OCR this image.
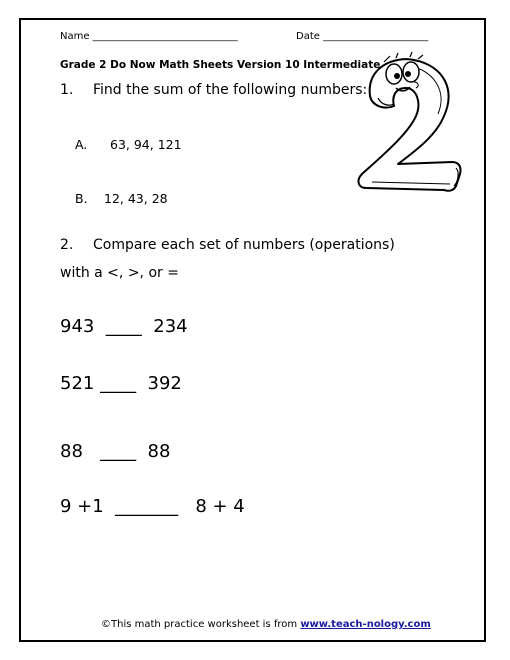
Name _____________________________	Date _____________________
Grade 2 Do Now Math Sheets Version 10 Intermediate
1. Find the sum of the following numbers:
A. 63, 94, 121
B. 12, 43, 28
2. Compare each set of numbers (operations)
with a <, >, or =
943  ____  234
521 ____  392
88   ____  88
9 +1  _______   8 + 4
©This math practice worksheet is from www.teach-nology.com
